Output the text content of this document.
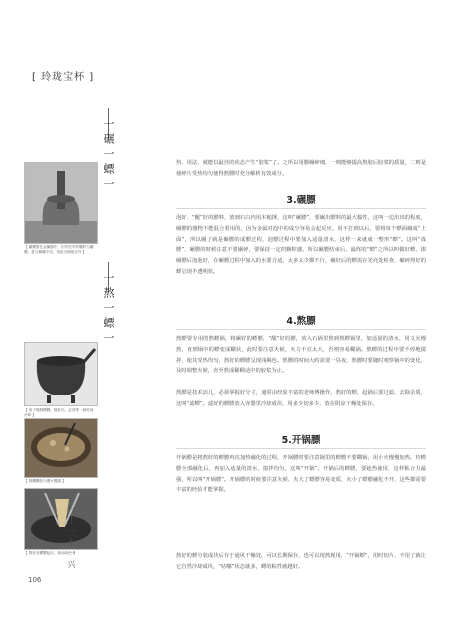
[ 玲珑宝杯 ]
一碾一螵一
【 碾螵需在金属器中，因中医中的碾药与碾膘，是与精碾不同，用此为图取自外 】
一熬一螵一
【 用于熬制螵膘，熬好后，必须等一段时间冷却 】
【 熬螵膘较为慢火慢熬 】
【 熬好后螵膘起出，取而用之 】
一丁一小一兴
106
热、用法，就能以最佳的状态产生“胶浆”了。之所以用膘碾碎细，一则能够提高熬胶后胶浆的质量，二则是使碎片受热均匀使得熬膘时充分解析有效成分。
3.碾膘
泡好、“醒”好的膘料，放到石臼内用木槌捶，这叫“碾膘”，要碾出螵料的最大黏性，这叫一边出出的程度，碾膘的器物不能混合着用的，因为金属对泡中的成分容易会起反应。用不打到以后，要将每个螵面碾成“上面”，所以碾了就是碾膘的成膘过程，泡膘过程中要加入适量清水，这样一来就成一整形“螵”。这叫“成膘”，碾膘的时候注意不要碾碎，要保持一定的颗粒感，所以碾膘结束后，最终的“螵”之所以叫做好螵，即碾膘后泡泡好，在碾膘过程中加入的水要合适，太多太少都不行，碾好后的螵需在光亮处检查，碾碎得好的螵呈现半透明状。
4.熬膘
熬螵要专用的熬螵锅，将碾好的螵膘，“醒”好的膘，放入石锅里熬到熬螵锅里，加适量的清水，用文火慢熬，直到锅中的螵变成糊状，此时要注意火候，火力不宜太大，否则容易糊锅。熬螵的过程中要不停地搅拌，使其受热均匀，熬好的螵膘呈现浅褐色。熬膘的时间大约需要一昼夜，熬膘时要随时观察锅中的变化，及时调整火候，直至熬成稀稠适中的胶浆为止。
熬膘是技术活儿，必须掌握好分寸，通常由经验丰富的老师傅操作。熬好的螵，起锅后要过滤，去除杂质，这叫“滤螵”。滤好的螵膘放入容器里冷却成块，用多少切多少，放在阴凉干燥处保存。
5.开锅膘
开锅膘是将熬好的螵膘再次加热融化的过程，开锅膘时要注意锅里的螵膘不要糊锅，用小火慢慢加热，待螵膘全部融化后，再加入适量的清水，搅拌均匀，这叫“开锅”。开锅后的螵膘，要趁热使用，这样粘合力最强，所以叫“开锅膘”。开锅膘的时候要注意火候，火大了螵膘容易变质，火小了螵膘融化不开，这些都需要丰富的经验才能掌握。
熬好的螵分装成块后存于通风干燥处，可以长期保存，也可以现熬现用，“开锅螵”，用时切片，不用了就让它自然冷却成块，“咕嘟”状态就多，螵的粘性就越好。
